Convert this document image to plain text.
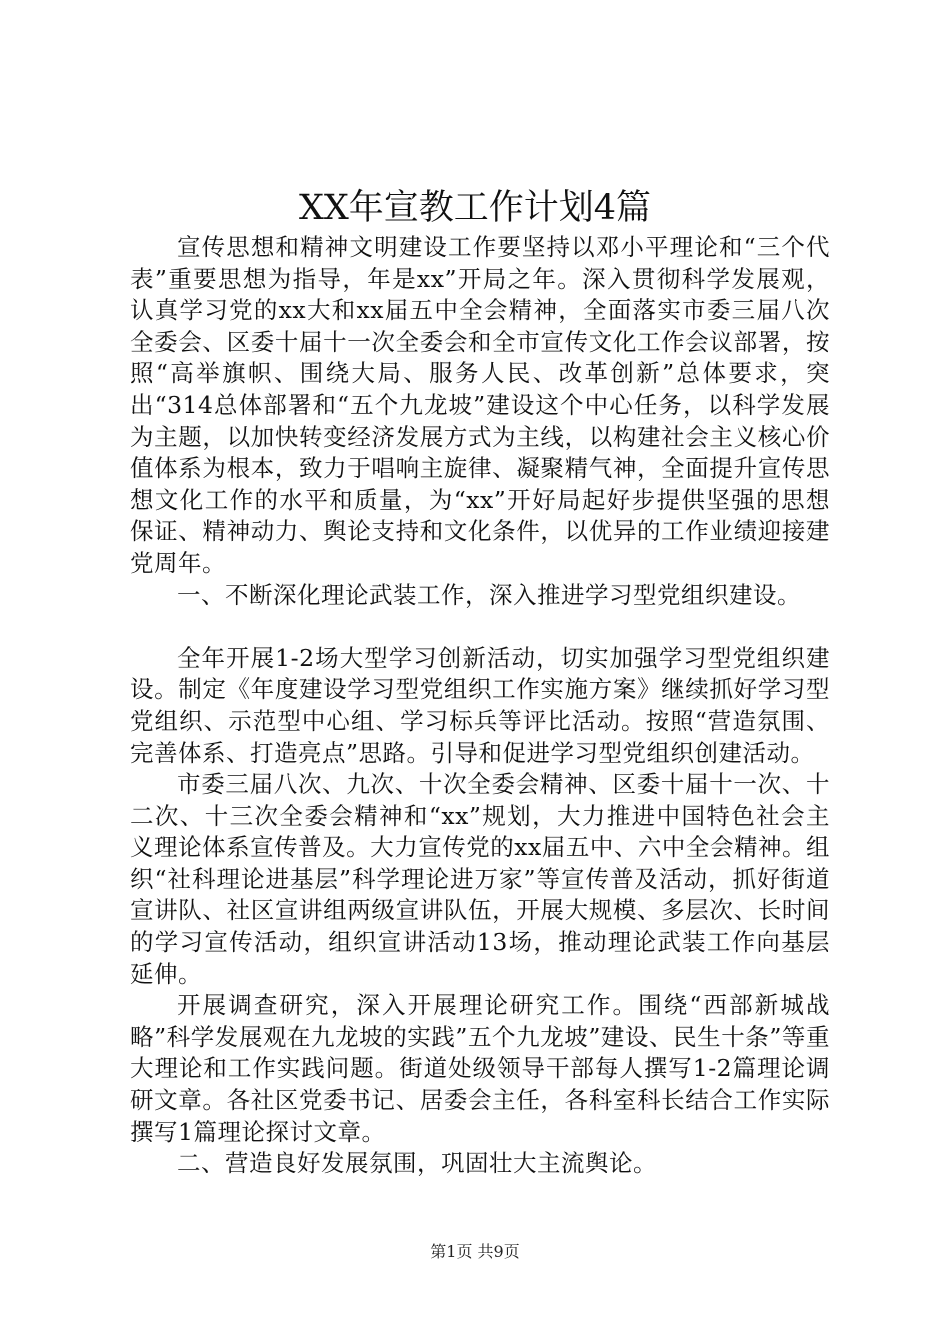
XX年宣教工作计划4篇

宣传思想和精神文明建设工作要坚持以邓小平理论和“三个代表”重要思想为指导，年是xx”开局之年。深入贯彻科学发展观，认真学习党的xx大和xx届五中全会精神，全面落实市委三届八次全委会、区委十届十一次全委会和全市宣传文化工作会议部署，按照“高举旗帜、围绕大局、服务人民、改革创新”总体要求，突出“314总体部署和“五个九龙坡”建设这个中心任务，以科学发展为主题，以加快转变经济发展方式为主线，以构建社会主义核心价值体系为根本，致力于唱响主旋律、凝聚精气神，全面提升宣传思想文化工作的水平和质量，为“xx”开好局起好步提供坚强的思想保证、精神动力、舆论支持和文化条件，以优异的工作业绩迎接建党周年。

一、不断深化理论武装工作，深入推进学习型党组织建设。

全年开展1-2场大型学习创新活动，切实加强学习型党组织建设。制定《年度建设学习型党组织工作实施方案》继续抓好学习型党组织、示范型中心组、学习标兵等评比活动。按照“营造氛围、完善体系、打造亮点”思路。引导和促进学习型党组织创建活动。

市委三届八次、九次、十次全委会精神、区委十届十一次、十二次、十三次全委会精神和“xx”规划，大力推进中国特色社会主义理论体系宣传普及。大力宣传党的xx届五中、六中全会精神。组织“社科理论进基层”科学理论进万家”等宣传普及活动，抓好街道宣讲队、社区宣讲组两级宣讲队伍，开展大规模、多层次、长时间的学习宣传活动，组织宣讲活动13场，推动理论武装工作向基层延伸。

开展调查研究，深入开展理论研究工作。围绕“西部新城战略”科学发展观在九龙坡的实践”五个九龙坡”建设、民生十条”等重大理论和工作实践问题。街道处级领导干部每人撰写1-2篇理论调研文章。各社区党委书记、居委会主任，各科室科长结合工作实际撰写1篇理论探讨文章。

二、营造良好发展氛围，巩固壮大主流舆论。

第1页 共9页
